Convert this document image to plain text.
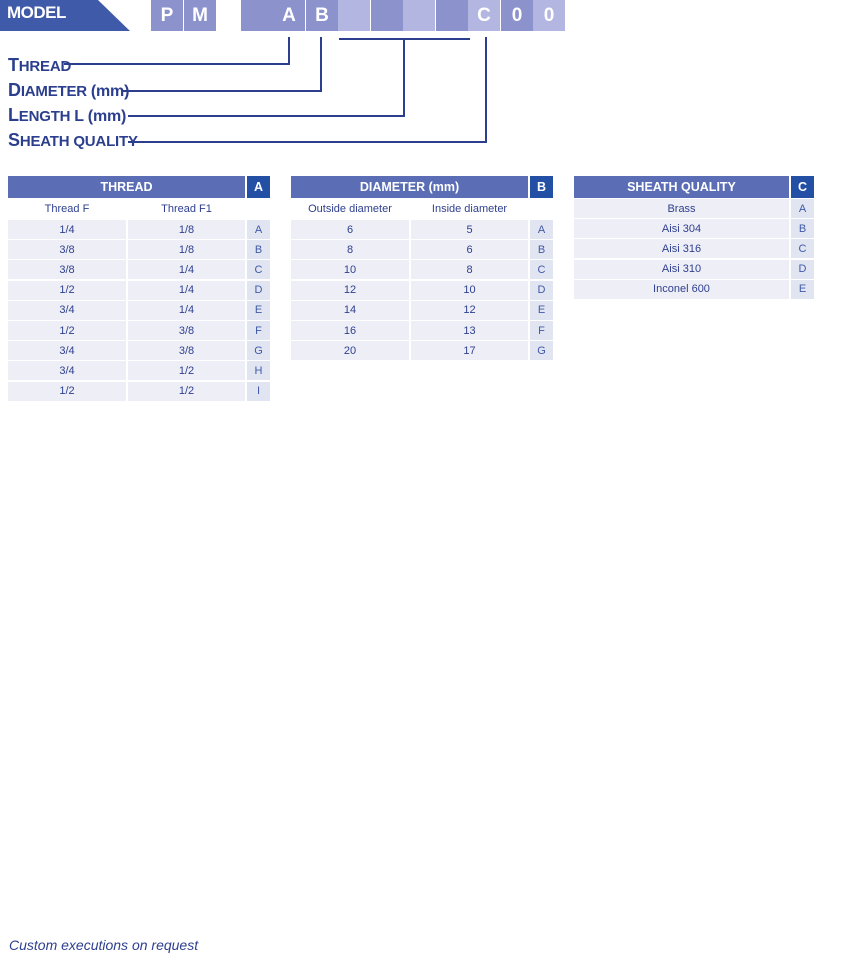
MODEL	P M	A	B	C	0	0
THREAD
DIAMETER (mm)
LENGTH L (mm)
SHEATH QUALITY
THREAD	A
Thread F	Thread F1
1/4	1/8	A
3/8	1/8	B
3/8	1/4	C
1/2	1/4	D
3/4	1/4	E
1/2	3/8	F
3/4	3/8	G
3/4	1/2	H
1/2	1/2	I
DIAMETER (mm)	B
Outside diameter	Inside diameter
6	5	A
8	6	B
10	8	C
12	10	D
14	12	E
16	13	F
20	17	G
SHEATH QUALITY	C
Brass	A
Aisi 304	B
Aisi 316	C
Aisi 310	D
Inconel 600	E
Custom executions on request
